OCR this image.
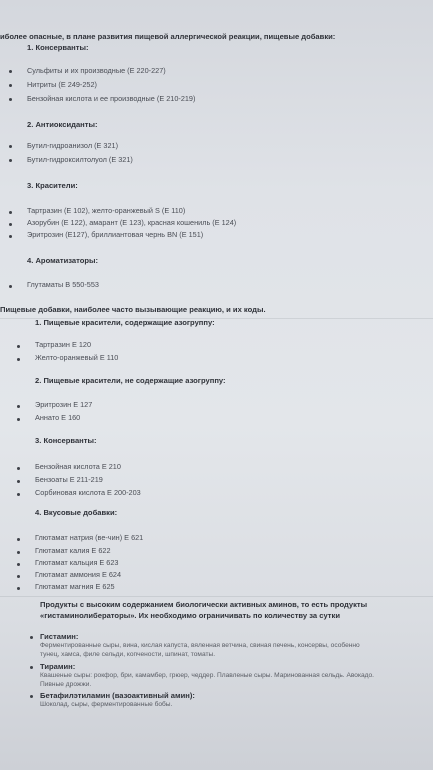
иболее опасные, в плане развития пищевой аллергической реакции, пищевые добавки:
1. Консерванты:
Сульфиты и их производные (Е 220-227)
Нитриты (Е 249-252)
Бензойная кислота и ее производные (Е 210-219)
2. Антиоксиданты:
Бутил-гидроанизол (Е 321)
Бутил-гидроксилтолуол (Е 321)
3. Красители:
Тартразин (Е 102), желто-оранжевый S (Е 110)
Азорубин (Е 122), амарант (Е 123), красная кошениль (Е 124)
Эритрозин (Е127), бриллиантовая чернь BN (Е 151)
4. Ароматизаторы:
Глутаматы В 550-553
Пищевые добавки, наиболее часто вызывающие реакцию, и их коды.
1. Пищевые красители, содержащие азогруппу:
Тартразин Е 120
Желто-оранжевый Е 110
2. Пищевые красители, не содержащие азогруппу:
Эритрозин Е 127
Аннато Е 160
3. Консерванты:
Бензойная кислота Е 210
Бензоаты Е 211-219
Сорбиновая кислота Е 200-203
4. Вкусовые добавки:
Глютамат натрия (ве-чин) Е 621
Глютамат калия Е 622
Глютамат кальция Е 623
Глютамат аммония Е 624
Глютамат магния Е 625
Продукты с высоким содержанием биологически активных аминов, то есть продукты
«гистаминолибераторы». Их необходимо ограничивать по количеству за сутки
Гистамин:
Ферментированные сыры, вина, кислая капуста, вяленная ветчина, свиная печень, консервы, особенно
тунец, хамса, филе сельди, копчености, шпинат, томаты.
Тирамин:
Квашеные сыры: рокфор, бри, камамбер, грюер, чеддер. Плавленые сыры. Маринованная сельдь. Авокадо.
Пивные дрожжи.
Бетафилэтиламин (вазоактивный амин):
Шоколад, сыры, ферментированные бобы.
